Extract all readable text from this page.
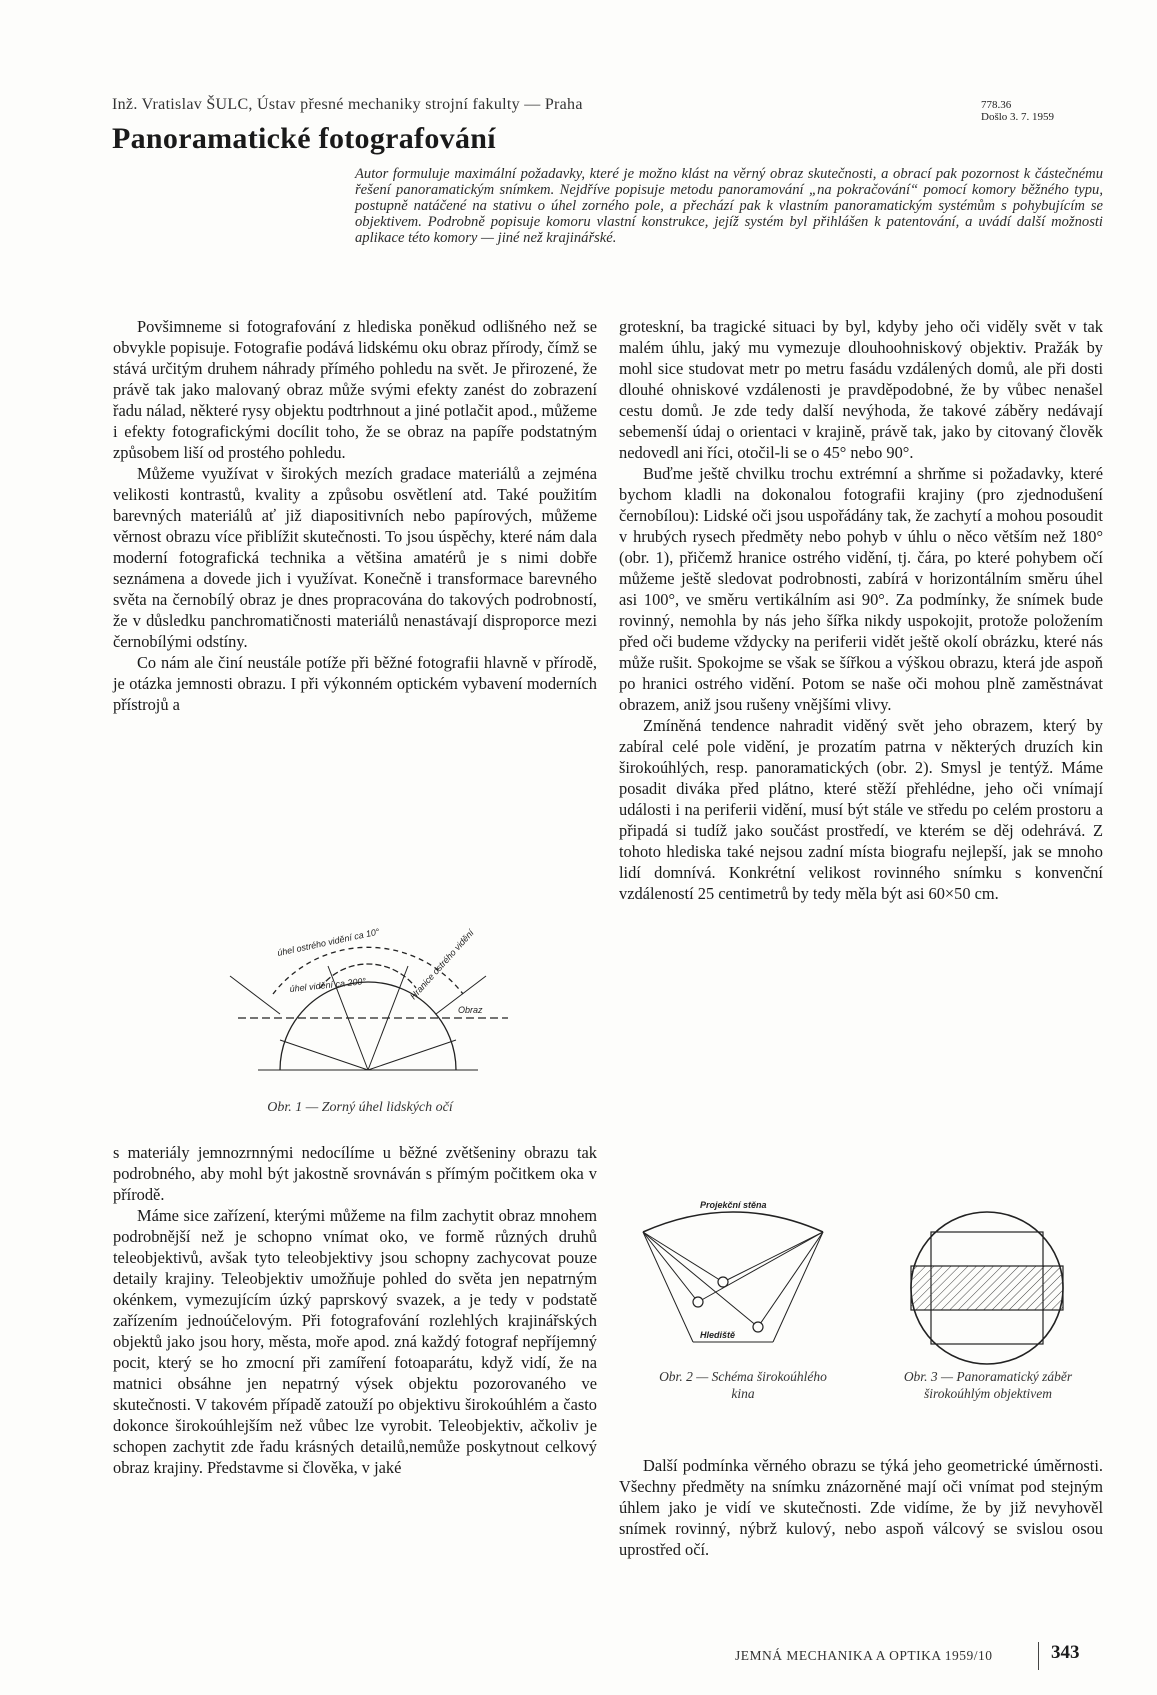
Inž. Vratislav ŠULC, Ústav přesné mechaniky strojní fakulty — Praha	778.36
Došlo 3. 7. 1959
Panoramatické fotografování

Autor formuluje maximální požadavky, které je možno klást na věrný obraz skutečnosti, a obrací pak pozornost k částečnému řešení panoramatickým snímkem. Nejdříve popisuje metodu panoramování „na pokračování“ pomocí komory běžného typu, postupně natáčené na stativu o úhel zorného pole, a přechází pak k vlastním panoramatickým systémům s pohybujícím se objektivem. Podrobně popisuje komoru vlastní konstrukce, jejíž systém byl přihlášen k patentování, a uvádí další možnosti aplikace této komory — jiné než krajinářské.

Povšimneme si fotografování z hlediska poněkud odlišného než se obvykle popisuje. Fotografie podává lidskému oku obraz přírody, čímž se stává určitým druhem náhrady přímého pohledu na svět. Je přirozené, že právě tak jako malovaný obraz může svými efekty zanést do zobrazení řadu nálad, některé rysy objektu podtrhnout a jiné potlačit apod., můžeme i efekty fotografickými docílit toho, že se obraz na papíře podstatným způsobem liší od prostého pohledu.

Můžeme využívat v širokých mezích gradace materiálů a zejména velikosti kontrastů, kvality a způsobu osvětlení atd. Také použitím barevných materiálů ať již diapositivních nebo papírových, můžeme věrnost obrazu více přiblížit skutečnosti. To jsou úspěchy, které nám dala moderní fotografická technika a většina amatérů je s nimi dobře seznámena a dovede jich i využívat. Konečně i transformace barevného světa na černobílý obraz je dnes propracována do takových podrobností, že v důsledku panchromatičnosti materiálů nenastávají disproporce mezi černobílými odstíny.

Co nám ale činí neustále potíže při běžné fotografii hlavně v přírodě, je otázka jemnosti obrazu. I při výkonném optickém vybavení moderních přístrojů a

úhel ostrého vidění ca 10°
úhel vidění ca 200°	Hranice ostrého vidění
Obraz
Obr. 1 — Zorný úhel lidských očí

s materiály jemnozrnnými nedocílíme u běžné zvětšeniny obrazu tak podrobného, aby mohl být jakostně srovnáván s přímým počitkem oka v přírodě.

Máme sice zařízení, kterými můžeme na film zachytit obraz mnohem podrobnější než je schopno vnímat oko, ve formě různých druhů teleobjektivů, avšak tyto teleobjektivy jsou schopny zachycovat pouze detaily krajiny. Teleobjektiv umožňuje pohled do světa jen nepatrným okénkem, vymezujícím úzký paprskový svazek, a je tedy v podstatě zařízením jednoúčelovým. Při fotografování rozlehlých krajinářských objektů jako jsou hory, města, moře apod. zná každý fotograf nepříjemný pocit, který se ho zmocní při zamíření fotoaparátu, když vidí, že na matnici obsáhne jen nepatrný výsek objektu pozorovaného ve skutečnosti. V takovém případě zatouží po objektivu širokoúhlém a často dokonce širokoúhlejším než vůbec lze vyrobit. Teleobjektiv, ačkoliv je schopen zachytit zde řadu krásných detailů,nemůže poskytnout celkový obraz krajiny. Představme si člověka, v jaké

groteskní, ba tragické situaci by byl, kdyby jeho oči viděly svět v tak malém úhlu, jaký mu vymezuje dlouhoohniskový objektiv. Pražák by mohl sice studovat metr po metru fasádu vzdálených domů, ale při dosti dlouhé ohniskové vzdálenosti je pravděpodobné, že by vůbec nenašel cestu domů. Je zde tedy další nevýhoda, že takové záběry nedávají sebemenší údaj o orientaci v krajině, právě tak, jako by citovaný člověk nedovedl ani říci, otočil-li se o 45° nebo 90°.

Buďme ještě chvilku trochu extrémní a shrňme si požadavky, které bychom kladli na dokonalou fotografii krajiny (pro zjednodušení černobílou): Lidské oči jsou uspořádány tak, že zachytí a mohou posoudit v hrubých rysech předměty nebo pohyb v úhlu o něco větším než 180° (obr. 1), přičemž hranice ostrého vidění, tj. čára, po které pohybem očí můžeme ještě sledovat podrobnosti, zabírá v horizontálním směru úhel asi 100°, ve směru vertikálním asi 90°. Za podmínky, že snímek bude rovinný, nemohla by nás jeho šířka nikdy uspokojit, protože položením před oči budeme vždycky na periferii vidět ještě okolí obrázku, které nás může rušit. Spokojme se však se šířkou a výškou obrazu, která jde aspoň po hranici ostrého vidění. Potom se naše oči mohou plně zaměstnávat obrazem, aniž jsou rušeny vnějšími vlivy.

Zmíněná tendence nahradit viděný svět jeho obrazem, který by zabíral celé pole vidění, je prozatím patrna v některých druzích kin širokoúhlých, resp. panoramatických (obr. 2). Smysl je tentýž. Máme posadit diváka před plátno, které stěží přehlédne, jeho oči vnímají události i na periferii vidění, musí být stále ve středu po celém prostoru a připadá si tudíž jako součást prostředí, ve kterém se děj odehrává. Z tohoto hlediska také nejsou zadní místa biografu nejlepší, jak se mnoho lidí domnívá. Konkrétní velikost rovinného snímku s konvenční vzdáleností 25 centimetrů by tedy měla být asi 60×50 cm.

Projekční stěna
Hlediště
Obr. 2 — Schéma širokoúhlého kina
Obr. 3 — Panoramatický záběr širokoúhlým objektivem

Další podmínka věrného obrazu se týká jeho geometrické úměrnosti. Všechny předměty na snímku znázorněné mají oči vnímat pod stejným úhlem jako je vidí ve skutečnosti. Zde vidíme, že by již nevyhověl snímek rovinný, nýbrž kulový, nebo aspoň válcový se svislou osou uprostřed očí.

JEMNÁ MECHANIKA A OPTIKA 1959/10	343
